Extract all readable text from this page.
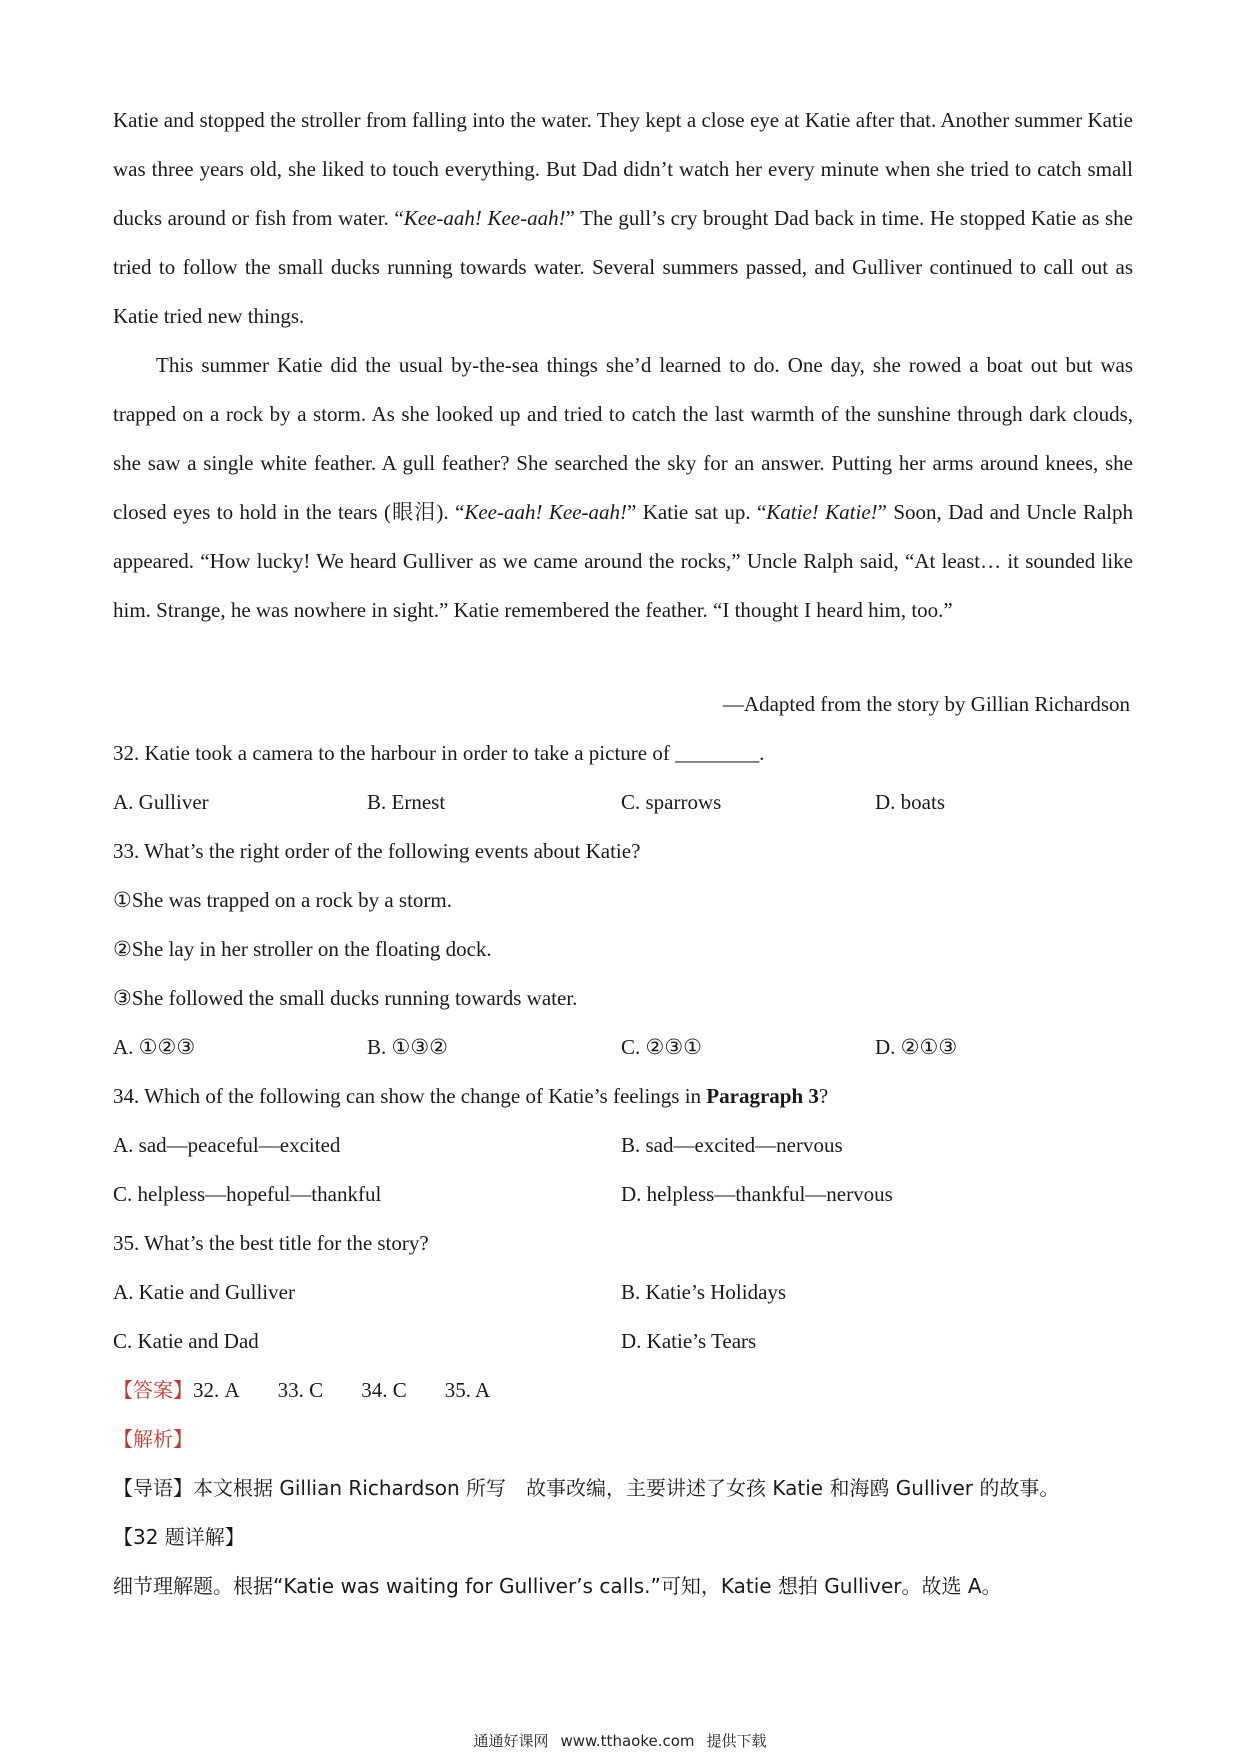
Katie and stopped the stroller from falling into the water. They kept a close eye at Katie after that. Another summer Katie was three years old, she liked to touch everything. But Dad didn’t watch her every minute when she tried to catch small ducks around or fish from water. “Kee-aah! Kee-aah!” The gull’s cry brought Dad back in time. He stopped Katie as she tried to follow the small ducks running towards water. Several summers passed, and Gulliver continued to call out as Katie tried new things.

This summer Katie did the usual by-the-sea things she’d learned to do. One day, she rowed a boat out but was trapped on a rock by a storm. As she looked up and tried to catch the last warmth of the sunshine through dark clouds, she saw a single white feather. A gull feather? She searched the sky for an answer. Putting her arms around knees, she closed eyes to hold in the tears (眼泪). “Kee-aah! Kee-aah!” Katie sat up. “Katie! Katie!” Soon, Dad and Uncle Ralph appeared. “How lucky! We heard Gulliver as we came around the rocks,” Uncle Ralph said, “At least… it sounded like him. Strange, he was nowhere in sight.” Katie remembered the feather. “I thought I heard him, too.”

—Adapted from the story by Gillian Richardson
32. Katie took a camera to the harbour in order to take a picture of ________.
A. Gulliver	B. Ernest	C. sparrows	D. boats
33. What’s the right order of the following events about Katie?
①She was trapped on a rock by a storm.
②She lay in her stroller on the floating dock.
③She followed the small ducks running towards water.
A. ①②③	B. ①③②	C. ②③①	D. ②①③
34. Which of the following can show the change of Katie’s feelings in Paragraph 3?
A. sad—peaceful—excited	B. sad—excited—nervous
C. helpless—hopeful—thankful	D. helpless—thankful—nervous
35. What’s the best title for the story?
A. Katie and Gulliver	B. Katie’s Holidays
C. Katie and Dad	D. Katie’s Tears
【答案】32. A 33. C 34. C 35. A
【解析】
【导语】本文根据 Gillian Richardson 所写　故事改编，主要讲述了女孩 Katie 和海鸥 Gulliver 的故事。
【32 题详解】
细节理解题。根据“Katie was waiting for Gulliver’s calls.”可知，Katie 想拍 Gulliver。故选 A。
通通好课网 www.tthaoke.com 提供下载
